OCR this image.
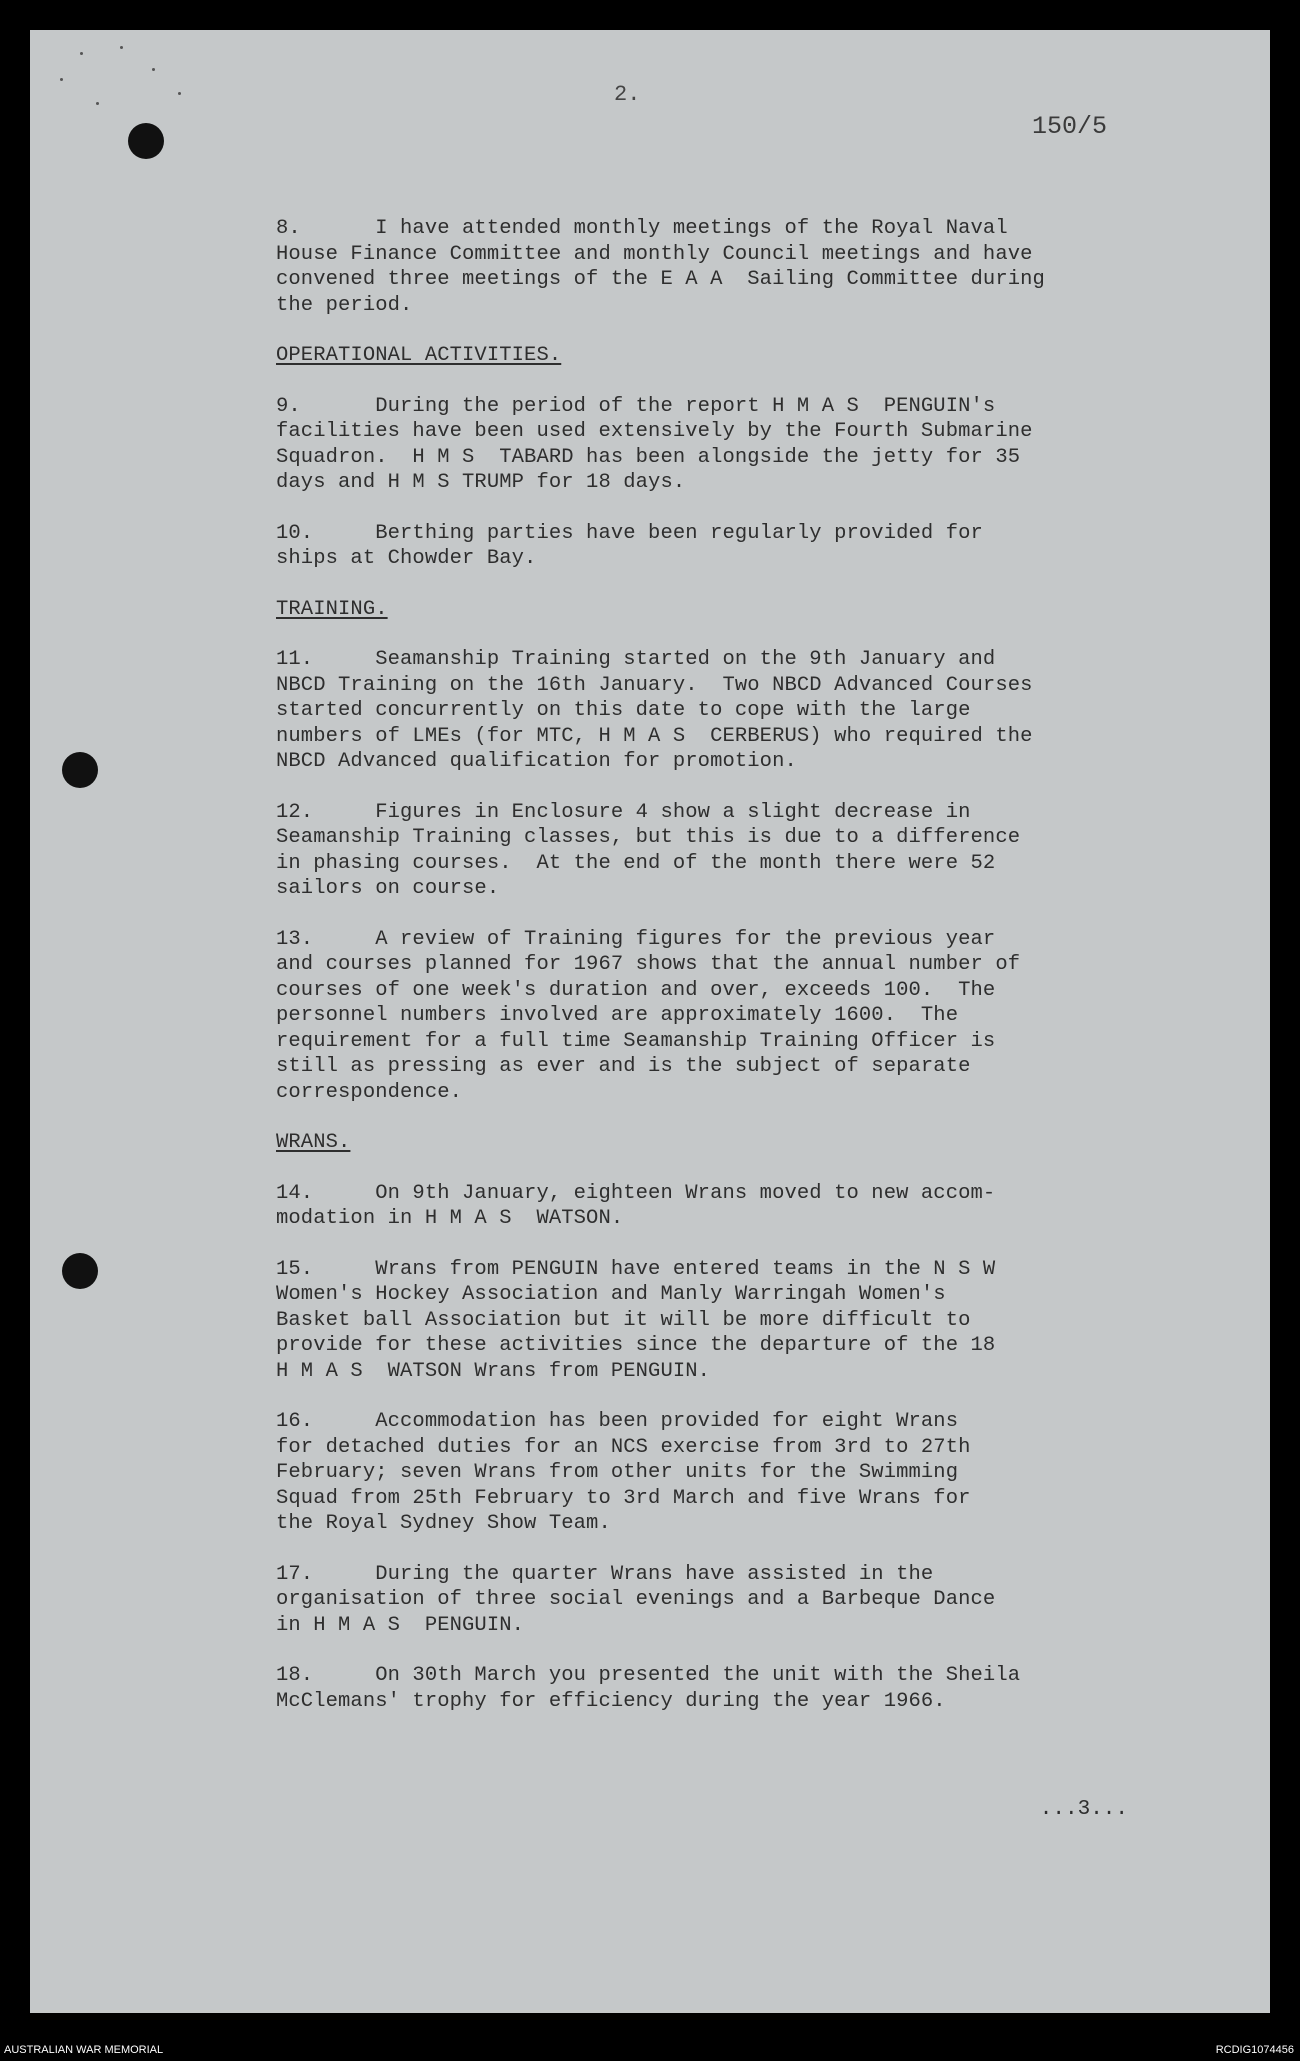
2.
150/5
8.      I have attended monthly meetings of the Royal Naval
House Finance Committee and monthly Council meetings and have
convened three meetings of the E A A  Sailing Committee during
the period.
OPERATIONAL ACTIVITIES.
9.      During the period of the report H M A S  PENGUIN's
facilities have been used extensively by the Fourth Submarine
Squadron.  H M S  TABARD has been alongside the jetty for 35
days and H M S TRUMP for 18 days.
10.     Berthing parties have been regularly provided for
ships at Chowder Bay.
TRAINING.
11.     Seamanship Training started on the 9th January and
NBCD Training on the 16th January.  Two NBCD Advanced Courses
started concurrently on this date to cope with the large
numbers of LMEs (for MTC, H M A S  CERBERUS) who required the
NBCD Advanced qualification for promotion.
12.     Figures in Enclosure 4 show a slight decrease in
Seamanship Training classes, but this is due to a difference
in phasing courses.  At the end of the month there were 52
sailors on course.
13.     A review of Training figures for the previous year
and courses planned for 1967 shows that the annual number of
courses of one week's duration and over, exceeds 100.  The
personnel numbers involved are approximately 1600.  The
requirement for a full time Seamanship Training Officer is
still as pressing as ever and is the subject of separate
correspondence.
WRANS.
14.     On 9th January, eighteen Wrans moved to new accom-
modation in H M A S  WATSON.
15.     Wrans from PENGUIN have entered teams in the N S W
Women's Hockey Association and Manly Warringah Women's
Basket ball Association but it will be more difficult to
provide for these activities since the departure of the 18
H M A S  WATSON Wrans from PENGUIN.
16.     Accommodation has been provided for eight Wrans
for detached duties for an NCS exercise from 3rd to 27th
February; seven Wrans from other units for the Swimming
Squad from 25th February to 3rd March and five Wrans for
the Royal Sydney Show Team.
17.     During the quarter Wrans have assisted in the
organisation of three social evenings and a Barbeque Dance
in H M A S  PENGUIN.
18.     On 30th March you presented the unit with the Sheila
McClemans' trophy for efficiency during the year 1966.
...3...
AUSTRALIAN WAR MEMORIAL	RCDIG1074456
